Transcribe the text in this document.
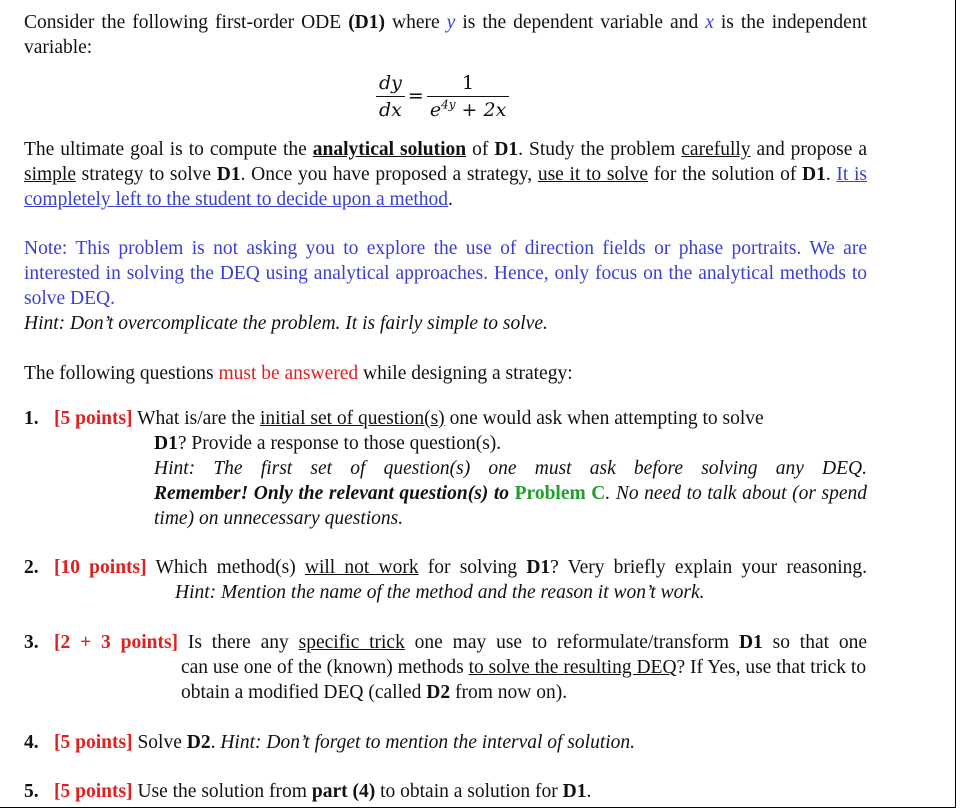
Consider the following first-order ODE (D1) where y is the dependent variable and x is the independent variable:
$\frac{dy}{dx} = \frac{1}{e^{4y} + 2x}$
The ultimate goal is to compute the analytical solution of D1. Study the problem carefully and propose a simple strategy to solve D1. Once you have proposed a strategy, use it to solve for the solution of D1. It is completely left to the student to decide upon a method.
Note: This problem is not asking you to explore the use of direction fields or phase portraits. We are interested in solving the DEQ using analytical approaches. Hence, only focus on the analytical methods to solve DEQ.
Hint: Don’t overcomplicate the problem. It is fairly simple to solve.
The following questions must be answered while designing a strategy:
1. [5 points] What is/are the initial set of question(s) one would ask when attempting to solve
D1? Provide a response to those question(s).

Hint: The first set of question(s) one must ask before solving any DEQ.
Remember! Only the relevant question(s) to Problem C. No need to talk about (or spend time) on unnecessary questions.
2. [10 points] Which method(s) will not work for solving D1? Very briefly explain your reasoning.
Hint: Mention the name of the method and the reason it won’t work.
3. [2 + 3 points] Is there any specific trick one may use to reformulate/transform D1 so that one
can use one of the (known) methods to solve the resulting DEQ? If Yes, use that trick to obtain a modified DEQ (called D2 from now on).
4. [5 points] Solve D2. Hint: Don’t forget to mention the interval of solution.
5. [5 points] Use the solution from part (4) to obtain a solution for D1.
